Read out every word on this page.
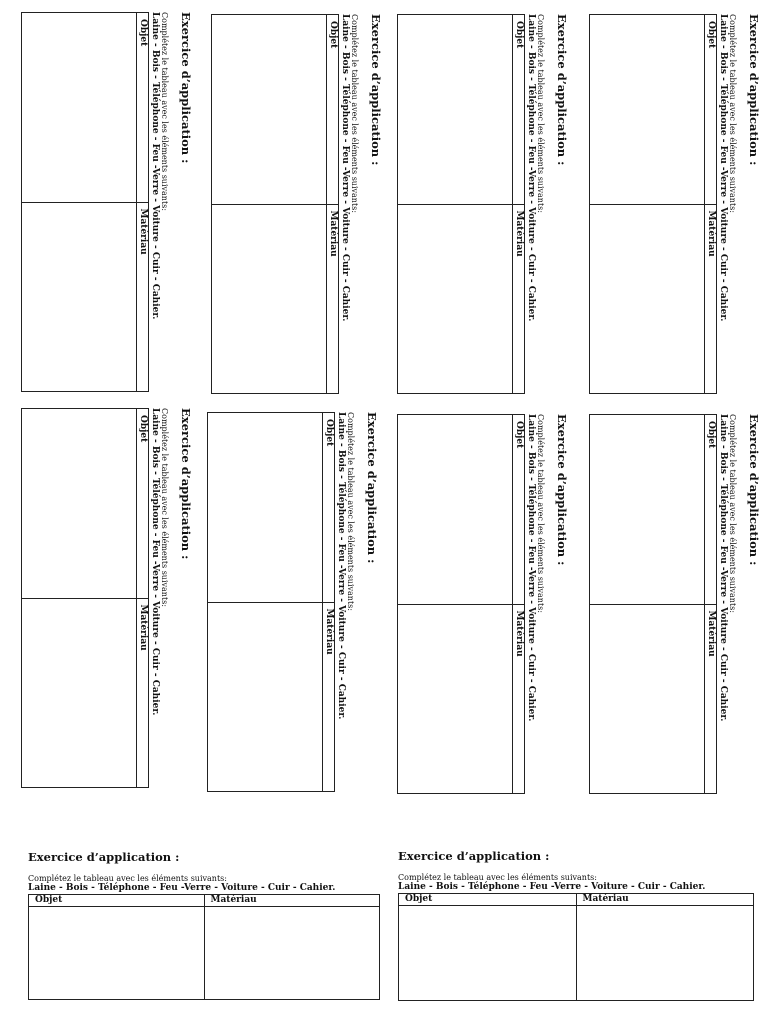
Exercice d’application :
Complétez le tableau avec les éléments suivants:
Laine - Bois - Téléphone - Feu -Verre - Voiture - Cuir - Cahier.
Objet	Matériau

Exercice d’application :
Complétez le tableau avec les éléments suivants:
Laine - Bois - Téléphone - Feu -Verre - Voiture - Cuir - Cahier.
Objet	Matériau

Exercice d’application :
Complétez le tableau avec les éléments suivants:
Laine - Bois - Téléphone - Feu -Verre - Voiture - Cuir - Cahier.
Objet	Matériau

Exercice d’application :
Complétez le tableau avec les éléments suivants:
Laine - Bois - Téléphone - Feu -Verre - Voiture - Cuir - Cahier.
Objet	Matériau

Exercice d’application :
Complétez le tableau avec les éléments suivants:
Laine - Bois - Téléphone - Feu -Verre - Voiture - Cuir - Cahier.
Objet	Matériau

Exercice d’application :
Complétez le tableau avec les éléments suivants:
Laine - Bois - Téléphone - Feu -Verre - Voiture - Cuir - Cahier.
Objet	Matériau

Exercice d’application :
Complétez le tableau avec les éléments suivants:
Laine - Bois - Téléphone - Feu -Verre - Voiture - Cuir - Cahier.
Objet	Matériau

Exercice d’application :
Complétez le tableau avec les éléments suivants:
Laine - Bois - Téléphone - Feu -Verre - Voiture - Cuir - Cahier.
Objet	Matériau

Exercice d’application :
Complétez le tableau avec les éléments suivants:
Laine - Bois - Téléphone - Feu -Verre - Voiture - Cuir - Cahier.
Objet	Matériau

Exercice d’application :
Complétez le tableau avec les éléments suivants:
Laine - Bois - Téléphone - Feu -Verre - Voiture - Cuir - Cahier.
Objet	Matériau
